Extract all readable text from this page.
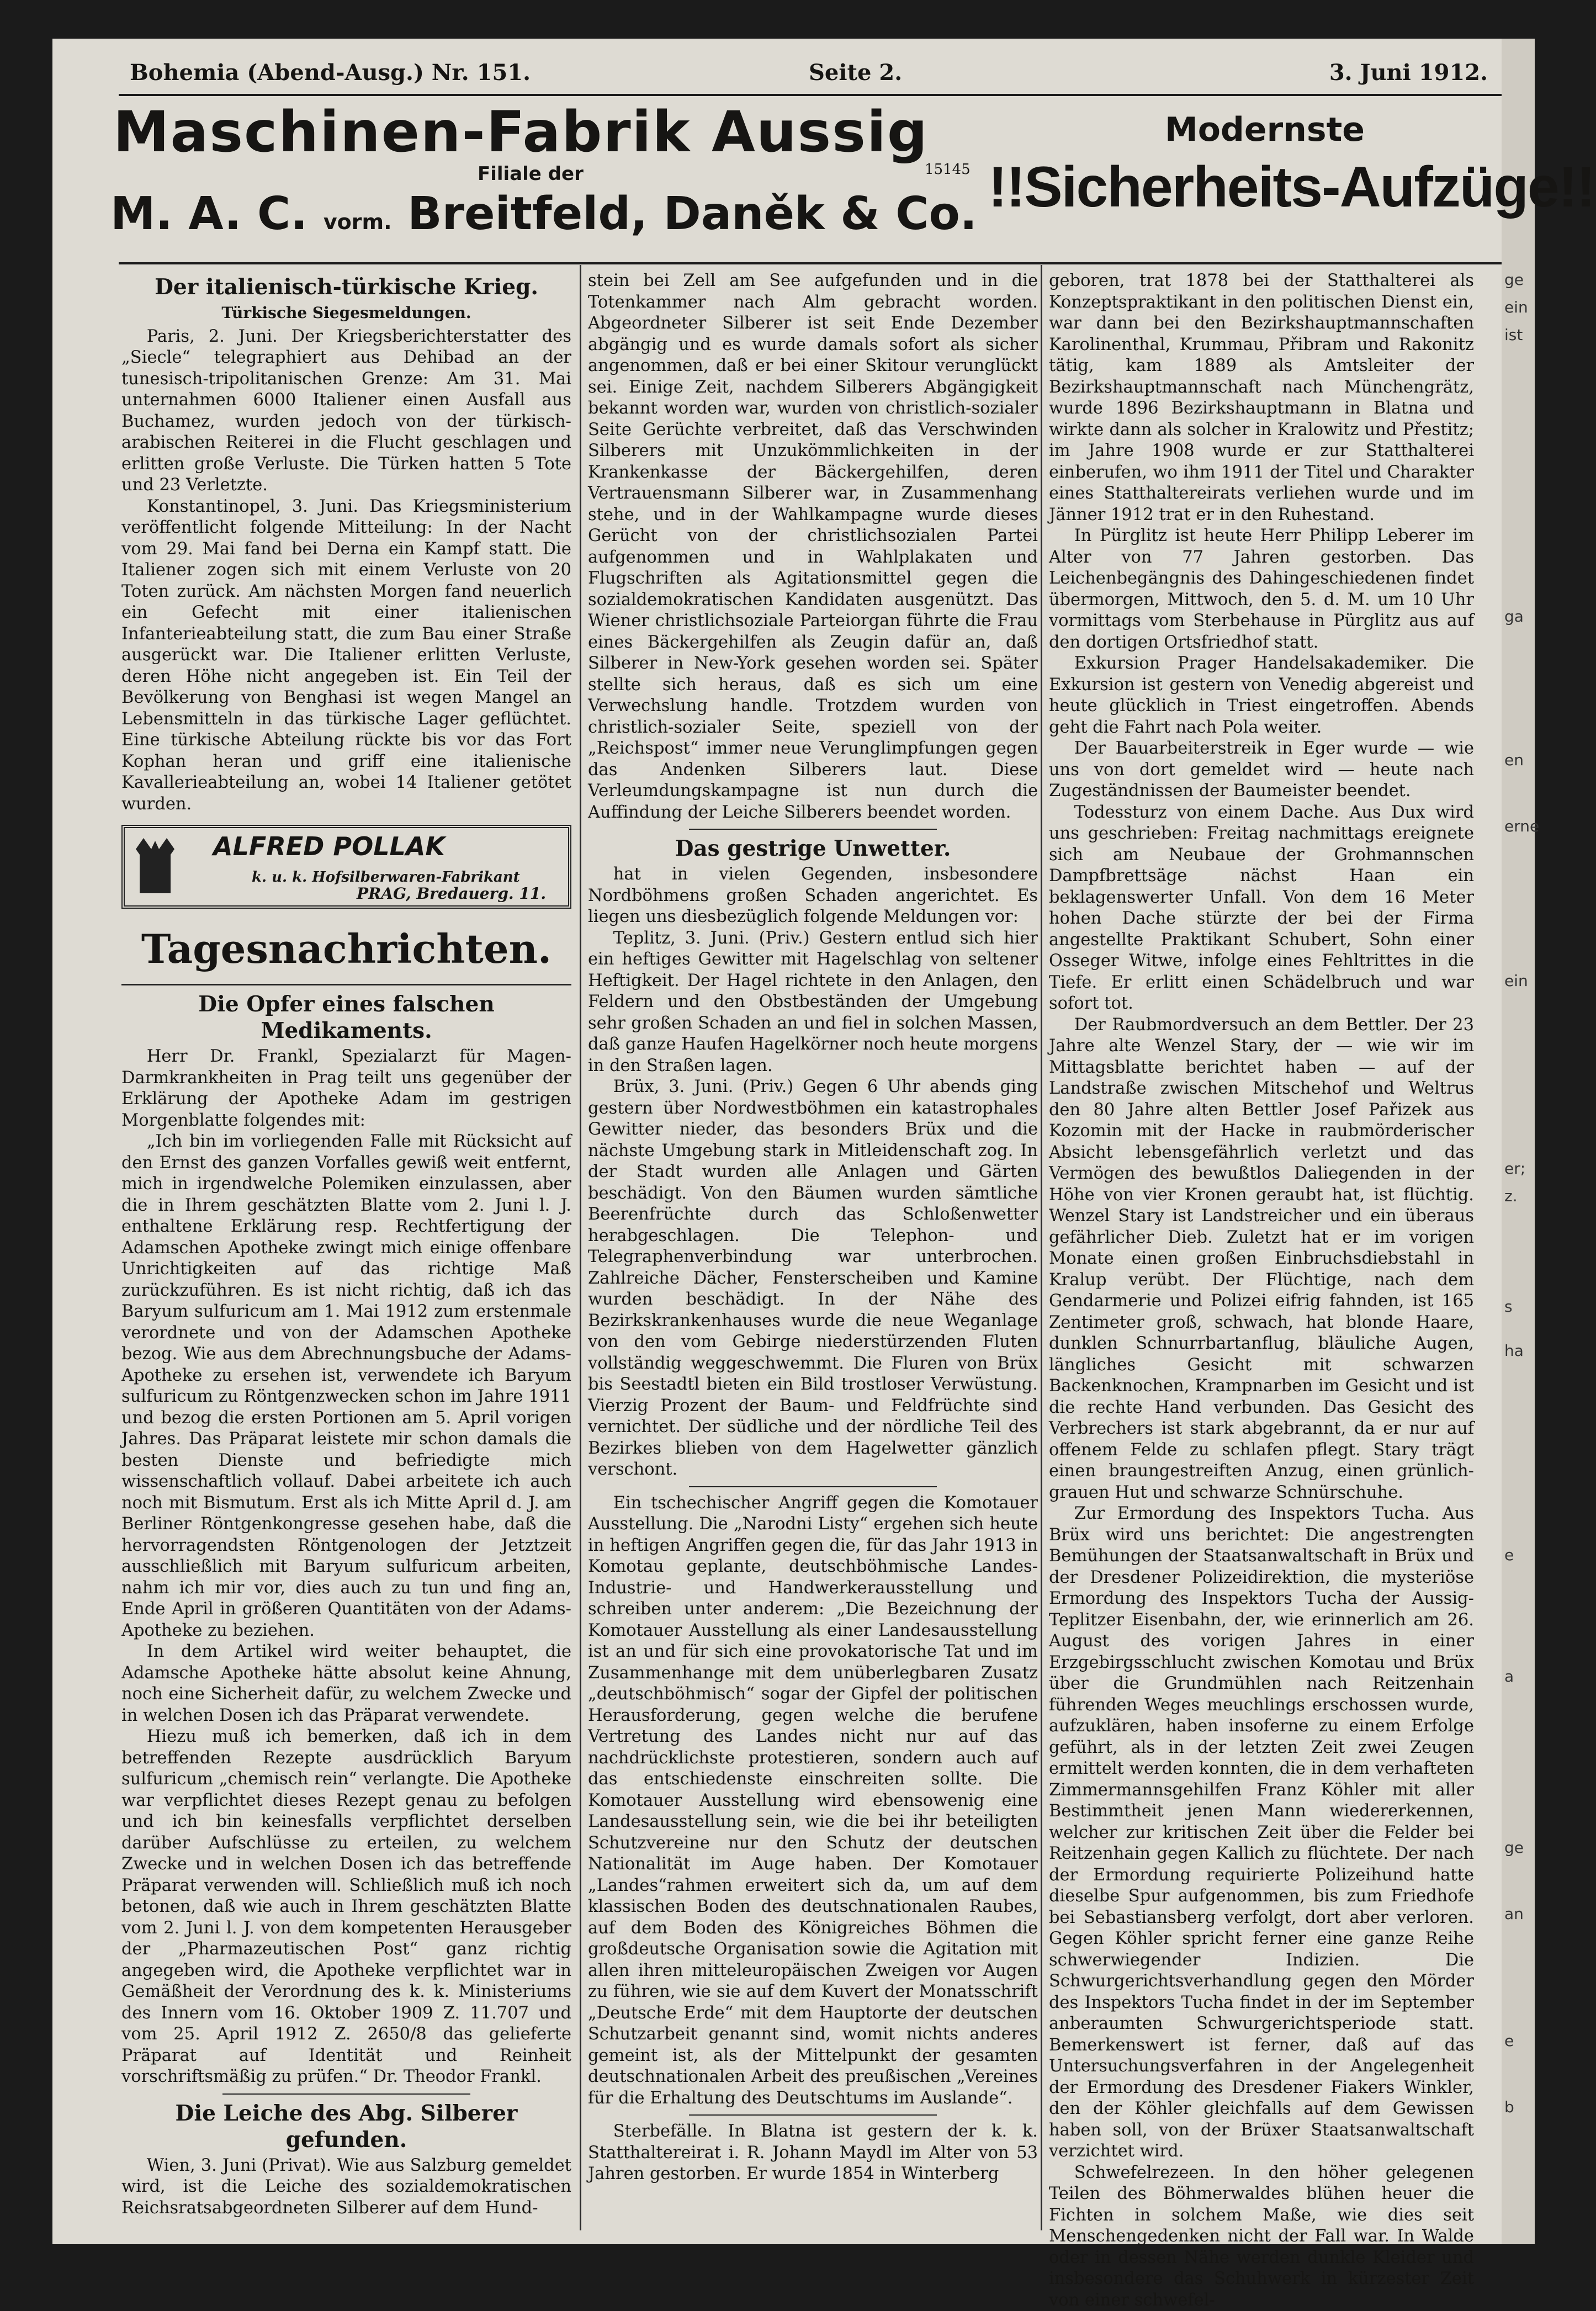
ge
ein
ist
ga
en
erne
ein
er;
z.
s
ha
e
a
ge
an
e
b
Bohemia (Abend-Ausg.) Nr. 151.	Seite 2.	3. Juni 1912.
Maschinen-Fabrik Aussig
Filiale der	15145
M. A. C. vorm. Breitfeld, Daněk & Co.
Modernste
!!Sicherheits-Aufzüge!!

Der italienisch-türkische Krieg.

Türkische Siegesmeldungen.

Paris, 2. Juni. Der Kriegsberichterstatter des „Siecle“ telegraphiert aus Dehibad an der tunesisch-tripolitanischen Grenze: Am 31. Mai unternahmen 6000 Italiener einen Ausfall aus Buchamez, wurden jedoch von der türkisch-arabischen Reiterei in die Flucht geschlagen und erlitten große Verluste. Die Türken hatten 5 Tote und 23 Verletzte.

Konstantinopel, 3. Juni. Das Kriegsministerium veröffentlicht folgende Mitteilung: In der Nacht vom 29. Mai fand bei Derna ein Kampf statt. Die Italiener zogen sich mit einem Verluste von 20 Toten zurück. Am nächsten Morgen fand neuerlich ein Gefecht mit einer italienischen Infanterieabteilung statt, die zum Bau einer Straße ausgerückt war. Die Italiener erlitten Verluste, deren Höhe nicht angegeben ist. Ein Teil der Bevölkerung von Benghasi ist wegen Mangel an Lebensmitteln in das türkische Lager geflüchtet. Eine türkische Abteilung rückte bis vor das Fort Kophan heran und griff eine italienische Kavallerieabteilung an, wobei 14 Italiener getötet wurden.

ALFRED POLLAK
k. u. k. Hofsilberwaren-Fabrikant
PRAG, Bredauerg. 11.

Tagesnachrichten.

Die Opfer eines falschen Medikaments.

Herr Dr. Frankl, Spezialarzt für Magen-Darmkrankheiten in Prag teilt uns gegenüber der Erklärung der Apotheke Adam im gestrigen Morgenblatte folgendes mit:

„Ich bin im vorliegenden Falle mit Rücksicht auf den Ernst des ganzen Vorfalles gewiß weit entfernt, mich in irgendwelche Polemiken einzulassen, aber die in Ihrem geschätzten Blatte vom 2. Juni l. J. enthaltene Erklärung resp. Rechtfertigung der Adamschen Apotheke zwingt mich einige offenbare Unrichtigkeiten auf das richtige Maß zurückzuführen. Es ist nicht richtig, daß ich das Baryum sulfuricum am 1. Mai 1912 zum erstenmale verordnete und von der Adamschen Apotheke bezog. Wie aus dem Abrechnungsbuche der Adams-Apotheke zu ersehen ist, verwendete ich Baryum sulfuricum zu Röntgenzwecken schon im Jahre 1911 und bezog die ersten Portionen am 5. April vorigen Jahres. Das Präparat leistete mir schon damals die besten Dienste und befriedigte mich wissenschaftlich vollauf. Dabei arbeitete ich auch noch mit Bismutum. Erst als ich Mitte April d. J. am Berliner Röntgenkongresse gesehen habe, daß die hervorragendsten Röntgenologen der Jetztzeit ausschließlich mit Baryum sulfuricum arbeiten, nahm ich mir vor, dies auch zu tun und fing an, Ende April in größeren Quantitäten von der Adams-Apotheke zu beziehen.

In dem Artikel wird weiter behauptet, die Adamsche Apotheke hätte absolut keine Ahnung, noch eine Sicherheit dafür, zu welchem Zwecke und in welchen Dosen ich das Präparat verwendete.

Hiezu muß ich bemerken, daß ich in dem betreffenden Rezepte ausdrücklich Baryum sulfuricum „chemisch rein“ verlangte. Die Apotheke war verpflichtet dieses Rezept genau zu befolgen und ich bin keinesfalls verpflichtet derselben darüber Aufschlüsse zu erteilen, zu welchem Zwecke und in welchen Dosen ich das betreffende Präparat verwenden will. Schließlich muß ich noch betonen, daß wie auch in Ihrem geschätzten Blatte vom 2. Juni l. J. von dem kompetenten Herausgeber der „Pharmazeutischen Post“ ganz richtig angegeben wird, die Apotheke verpflichtet war in Gemäßheit der Verordnung des k. k. Ministeriums des Innern vom 16. Oktober 1909 Z. 11.707 und vom 25. April 1912 Z. 2650/8 das gelieferte Präparat auf Identität und Reinheit vorschriftsmäßig zu prüfen.“ Dr. Theodor Frankl.

Die Leiche des Abg. Silberer gefunden.

Wien, 3. Juni (Privat). Wie aus Salzburg gemeldet wird, ist die Leiche des sozialdemokratischen Reichsratsabgeordneten Silberer auf dem Hund-

stein bei Zell am See aufgefunden und in die Totenkammer nach Alm gebracht worden. Abgeordneter Silberer ist seit Ende Dezember abgängig und es wurde damals sofort als sicher angenommen, daß er bei einer Skitour verunglückt sei. Einige Zeit, nachdem Silberers Abgängigkeit bekannt worden war, wurden von christlich-sozialer Seite Gerüchte verbreitet, daß das Verschwinden Silberers mit Unzukömmlichkeiten in der Krankenkasse der Bäckergehilfen, deren Vertrauensmann Silberer war, in Zusammenhang stehe, und in der Wahlkampagne wurde dieses Gerücht von der christlichsozialen Partei aufgenommen und in Wahlplakaten und Flugschriften als Agitationsmittel gegen die sozialdemokratischen Kandidaten ausgenützt. Das Wiener christlichsoziale Parteiorgan führte die Frau eines Bäckergehilfen als Zeugin dafür an, daß Silberer in New-York gesehen worden sei. Später stellte sich heraus, daß es sich um eine Verwechslung handle. Trotzdem wurden von christlich-sozialer Seite, speziell von der „Reichspost“ immer neue Verunglimpfungen gegen das Andenken Silberers laut. Diese Verleumdungskampagne ist nun durch die Auffindung der Leiche Silberers beendet worden.

Das gestrige Unwetter.

hat in vielen Gegenden, insbesondere Nordböhmens großen Schaden angerichtet. Es liegen uns diesbezüglich folgende Meldungen vor:

Teplitz, 3. Juni. (Priv.) Gestern entlud sich hier ein heftiges Gewitter mit Hagelschlag von seltener Heftigkeit. Der Hagel richtete in den Anlagen, den Feldern und den Obstbeständen der Umgebung sehr großen Schaden an und fiel in solchen Massen, daß ganze Haufen Hagelkörner noch heute morgens in den Straßen lagen.

Brüx, 3. Juni. (Priv.) Gegen 6 Uhr abends ging gestern über Nordwestböhmen ein katastrophales Gewitter nieder, das besonders Brüx und die nächste Umgebung stark in Mitleidenschaft zog. In der Stadt wurden alle Anlagen und Gärten beschädigt. Von den Bäumen wurden sämtliche Beerenfrüchte durch das Schloßenwetter herabgeschlagen. Die Telephon- und Telegraphenverbindung war unterbrochen. Zahlreiche Dächer, Fensterscheiben und Kamine wurden beschädigt. In der Nähe des Bezirkskrankenhauses wurde die neue Weganlage von den vom Gebirge niederstürzenden Fluten vollständig weggeschwemmt. Die Fluren von Brüx bis Seestadtl bieten ein Bild trostloser Verwüstung. Vierzig Prozent der Baum- und Feldfrüchte sind vernichtet. Der südliche und der nördliche Teil des Bezirkes blieben von dem Hagelwetter gänzlich verschont.

Ein tschechischer Angriff gegen die Komotauer Ausstellung. Die „Narodni Listy“ ergehen sich heute in heftigen Angriffen gegen die, für das Jahr 1913 in Komotau geplante, deutschböhmische Landes-Industrie- und Handwerkerausstellung und schreiben unter anderem: „Die Bezeichnung der Komotauer Ausstellung als einer Landesausstellung ist an und für sich eine provokatorische Tat und im Zusammenhange mit dem unüberlegbaren Zusatz „deutschböhmisch“ sogar der Gipfel der politischen Herausforderung, gegen welche die berufene Vertretung des Landes nicht nur auf das nachdrücklichste protestieren, sondern auch auf das entschiedenste einschreiten sollte. Die Komotauer Ausstellung wird ebensowenig eine Landesausstellung sein, wie die bei ihr beteiligten Schutzvereine nur den Schutz der deutschen Nationalität im Auge haben. Der Komotauer „Landes“rahmen erweitert sich da, um auf dem klassischen Boden des deutschnationalen Raubes, auf dem Boden des Königreiches Böhmen die großdeutsche Organisation sowie die Agitation mit allen ihren mitteleuropäischen Zweigen vor Augen zu führen, wie sie auf dem Kuvert der Monatsschrift „Deutsche Erde“ mit dem Hauptorte der deutschen Schutzarbeit genannt sind, womit nichts anderes gemeint ist, als der Mittelpunkt der gesamten deutschnationalen Arbeit des preußischen „Vereines für die Erhaltung des Deutschtums im Auslande“.

Sterbefälle. In Blatna ist gestern der k. k. Statthaltereirat i. R. Johann Maydl im Alter von 53 Jahren gestorben. Er wurde 1854 in Winterberg

geboren, trat 1878 bei der Statthalterei als Konzeptspraktikant in den politischen Dienst ein, war dann bei den Bezirkshauptmannschaften Karolinenthal, Krummau, Přibram und Rakonitz tätig, kam 1889 als Amtsleiter der Bezirkshauptmannschaft nach Münchengrätz, wurde 1896 Bezirkshauptmann in Blatna und wirkte dann als solcher in Kralowitz und Přestitz; im Jahre 1908 wurde er zur Statthalterei einberufen, wo ihm 1911 der Titel und Charakter eines Statthaltereirats verliehen wurde und im Jänner 1912 trat er in den Ruhestand.

In Pürglitz ist heute Herr Philipp Leberer im Alter von 77 Jahren gestorben. Das Leichenbegängnis des Dahingeschiedenen findet übermorgen, Mittwoch, den 5. d. M. um 10 Uhr vormittags vom Sterbehause in Pürglitz aus auf den dortigen Ortsfriedhof statt.

Exkursion Prager Handelsakademiker. Die Exkursion ist gestern von Venedig abgereist und heute glücklich in Triest eingetroffen. Abends geht die Fahrt nach Pola weiter.

Der Bauarbeiterstreik in Eger wurde — wie uns von dort gemeldet wird — heute nach Zugeständnissen der Baumeister beendet.

Todessturz von einem Dache. Aus Dux wird uns geschrieben: Freitag nachmittags ereignete sich am Neubaue der Grohmannschen Dampfbrettsäge nächst Haan ein beklagenswerter Unfall. Von dem 16 Meter hohen Dache stürzte der bei der Firma angestellte Praktikant Schubert, Sohn einer Osseger Witwe, infolge eines Fehltrittes in die Tiefe. Er erlitt einen Schädelbruch und war sofort tot.

Der Raubmordversuch an dem Bettler. Der 23 Jahre alte Wenzel Stary, der — wie wir im Mittagsblatte berichtet haben — auf der Landstraße zwischen Mitschehof und Weltrus den 80 Jahre alten Bettler Josef Pařizek aus Kozomin mit der Hacke in raubmörderischer Absicht lebensgefährlich verletzt und das Vermögen des bewußtlos Daliegenden in der Höhe von vier Kronen geraubt hat, ist flüchtig. Wenzel Stary ist Landstreicher und ein überaus gefährlicher Dieb. Zuletzt hat er im vorigen Monate einen großen Einbruchsdiebstahl in Kralup verübt. Der Flüchtige, nach dem Gendarmerie und Polizei eifrig fahnden, ist 165 Zentimeter groß, schwach, hat blonde Haare, dunklen Schnurrbartanflug, bläuliche Augen, längliches Gesicht mit schwarzen Backenknochen, Krampnarben im Gesicht und ist die rechte Hand verbunden. Das Gesicht des Verbrechers ist stark abgebrannt, da er nur auf offenem Felde zu schlafen pflegt. Stary trägt einen braungestreiften Anzug, einen grünlich-grauen Hut und schwarze Schnürschuhe.

Zur Ermordung des Inspektors Tucha. Aus Brüx wird uns berichtet: Die angestrengten Bemühungen der Staatsanwaltschaft in Brüx und der Dresdener Polizeidirektion, die mysteriöse Ermordung des Inspektors Tucha der Aussig-Teplitzer Eisenbahn, der, wie erinnerlich am 26. August des vorigen Jahres in einer Erzgebirgsschlucht zwischen Komotau und Brüx über die Grundmühlen nach Reitzenhain führenden Weges meuchlings erschossen wurde, aufzuklären, haben insoferne zu einem Erfolge geführt, als in der letzten Zeit zwei Zeugen ermittelt werden konnten, die in dem verhafteten Zimmermannsgehilfen Franz Köhler mit aller Bestimmtheit jenen Mann wiedererkennen, welcher zur kritischen Zeit über die Felder bei Reitzenhain gegen Kallich zu flüchtete. Der nach der Ermordung requirierte Polizeihund hatte dieselbe Spur aufgenommen, bis zum Friedhofe bei Sebastiansberg verfolgt, dort aber verloren. Gegen Köhler spricht ferner eine ganze Reihe schwerwiegender Indizien. Die Schwurgerichtsverhandlung gegen den Mörder des Inspektors Tucha findet in der im September anberaumten Schwurgerichtsperiode statt. Bemerkenswert ist ferner, daß auf das Untersuchungsverfahren in der Angelegenheit der Ermordung des Dresdener Fiakers Winkler, den der Köhler gleichfalls auf dem Gewissen haben soll, von der Brüxer Staatsanwaltschaft verzichtet wird.

Schwefelrezeen. In den höher gelegenen Teilen des Böhmerwaldes blühen heuer die Fichten in solchem Maße, wie dies seit Menschengedenken nicht der Fall war. In Walde oder in dessen Nähe werden dunkle Kleider und insbesondere das Schuhwerk in kürzester Zeit von einer schwefel-
